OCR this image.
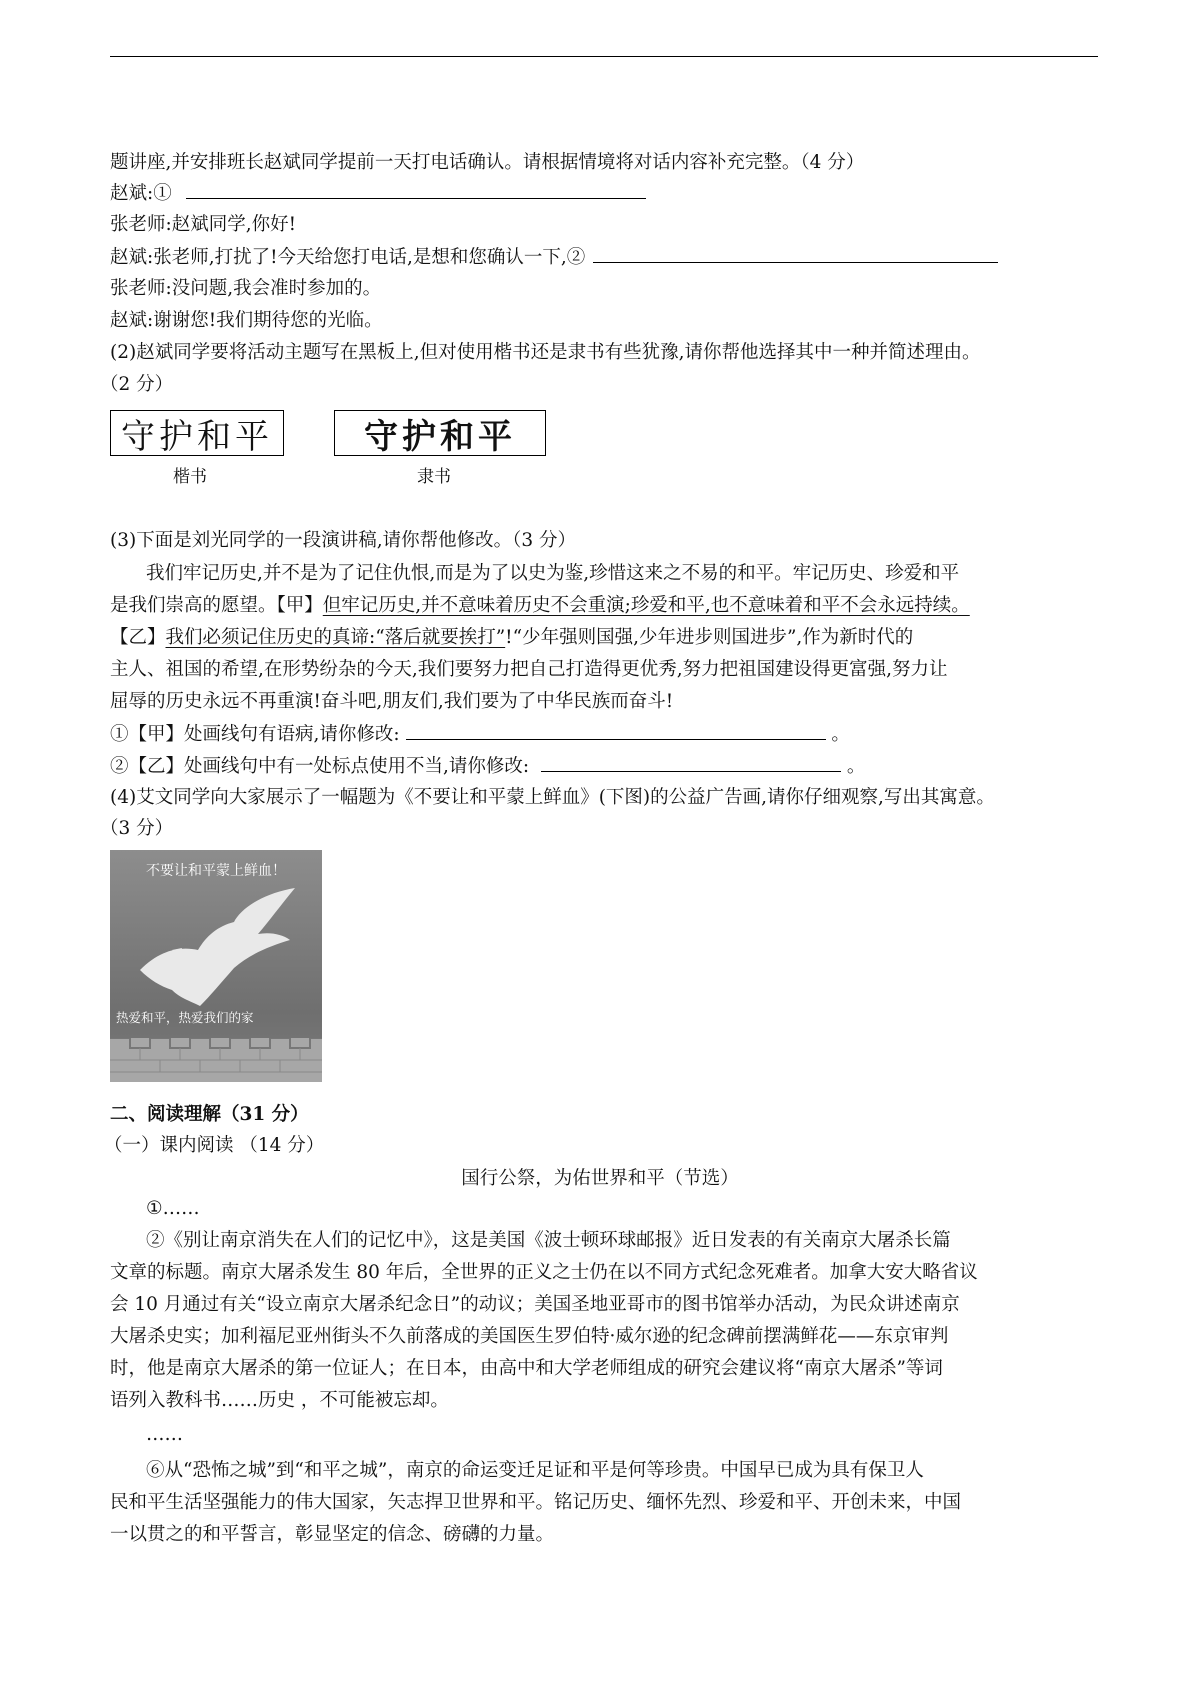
题讲座,并安排班长赵斌同学提前一天打电话确认。请根据情境将对话内容补充完整。（4 分）
赵斌:①
张老师:赵斌同学,你好!
赵斌:张老师,打扰了!今天给您打电话,是想和您确认一下,②
张老师:没问题,我会准时参加的。
赵斌:谢谢您!我们期待您的光临。
(2)赵斌同学要将活动主题写在黑板上,但对使用楷书还是隶书有些犹豫,请你帮他选择其中一种并简述理由。
（2 分）
守护和平
楷书
守护和平
隶书
(3)下面是刘光同学的一段演讲稿,请你帮他修改。（3 分）
我们牢记历史,并不是为了记住仇恨,而是为了以史为鉴,珍惜这来之不易的和平。牢记历史、珍爱和平
是我们崇高的愿望。【甲】但牢记历史,并不意味着历史不会重演;珍爱和平,也不意味着和平不会永远持续。
【乙】我们必须记住历史的真谛:“落后就要挨打”!“少年强则国强,少年进步则国进步”,作为新时代的
主人、祖国的希望,在形势纷杂的今天,我们要努力把自己打造得更优秀,努力把祖国建设得更富强,努力让
屈辱的历史永远不再重演!奋斗吧,朋友们,我们要为了中华民族而奋斗!
①【甲】处画线句有语病,请你修改:	。
②【乙】处画线句中有一处标点使用不当,请你修改:	。
(4)艾文同学向大家展示了一幅题为《不要让和平蒙上鲜血》(下图)的公益广告画,请你仔细观察,写出其寓意。
（3 分）
不要让和平蒙上鲜血！
热爱和平，热爱我们的家
二、阅读理解（31 分）
（一）课内阅读 （14 分）
国行公祭，为佑世界和平（节选）
①……
②《别让南京消失在人们的记忆中》，这是美国《波士顿环球邮报》近日发表的有关南京大屠杀长篇
文章的标题。南京大屠杀发生 80 年后，全世界的正义之士仍在以不同方式纪念死难者。加拿大安大略省议
会 10 月通过有关“设立南京大屠杀纪念日”的动议；美国圣地亚哥市的图书馆举办活动，为民众讲述南京
大屠杀史实；加利福尼亚州街头不久前落成的美国医生罗伯特·威尔逊的纪念碑前摆满鲜花——东京审判
时，他是南京大屠杀的第一位证人；在日本，由高中和大学老师组成的研究会建议将“南京大屠杀”等词
语列入教科书……历史 ，不可能被忘却。
……
⑥从“恐怖之城”到“和平之城”，南京的命运变迁足证和平是何等珍贵。中国早已成为具有保卫人
民和平生活坚强能力的伟大国家，矢志捍卫世界和平。铭记历史、缅怀先烈、珍爱和平、开创未来，中国
一以贯之的和平誓言，彰显坚定的信念、磅礴的力量。
